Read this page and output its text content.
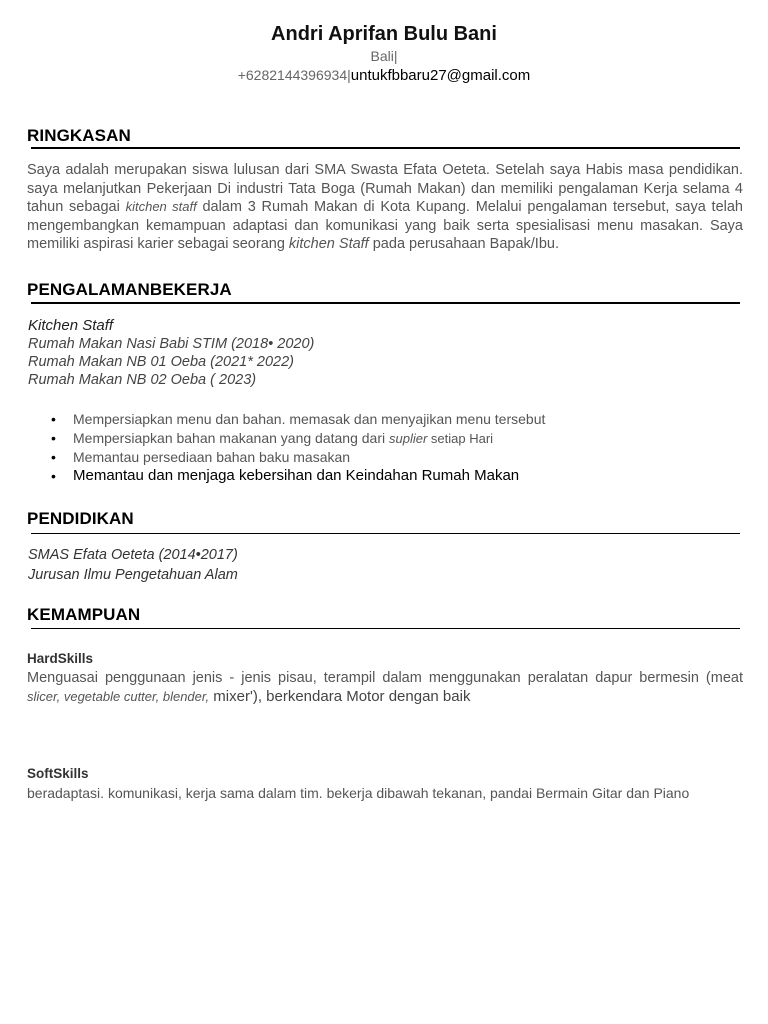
Andri Aprifan Bulu Bani
Bali|
+6282144396934|untukfbbaru27@gmail.com
RINGKASAN
Saya adalah merupakan siswa lulusan dari SMA Swasta Efata Oeteta. Setelah saya Habis masa pendidikan. saya melanjutkan Pekerjaan Di industri Tata Boga (Rumah Makan) dan memiliki pengalaman Kerja selama 4 tahun sebagai kitchen staff dalam 3 Rumah Makan di Kota Kupang. Melalui pengalaman tersebut, saya telah mengembangkan kemampuan adaptasi dan komunikasi yang baik serta spesialisasi menu masakan. Saya memiliki aspirasi karier sebagai seorang kitchen Staff pada perusahaan Bapak/Ibu.
PENGALAMANBEKERJA
Kitchen Staff
Rumah Makan Nasi Babi STIM (2018• 2020)
Rumah Makan NB 01 Oeba (2021* 2022)
Rumah Makan NB 02 Oeba ( 2023)
• Mempersiapkan menu dan bahan. memasak dan menyajikan menu tersebut
• Mempersiapkan bahan makanan yang datang dari suplier setiap Hari
• Memantau persediaan bahan baku masakan
• Memantau dan menjaga kebersihan dan Keindahan Rumah Makan
PENDIDIKAN
SMAS Efata Oeteta (2014•2017)
Jurusan Ilmu Pengetahuan Alam
KEMAMPUAN
HardSkills
Menguasai penggunaan jenis - jenis pisau, terampil dalam menggunakan peralatan dapur bermesin (meat slicer, vegetable cutter, blender, mixer'), berkendara Motor dengan baik
SoftSkills
beradaptasi. komunikasi, kerja sama dalam tim. bekerja dibawah tekanan, pandai Bermain Gitar dan Piano
